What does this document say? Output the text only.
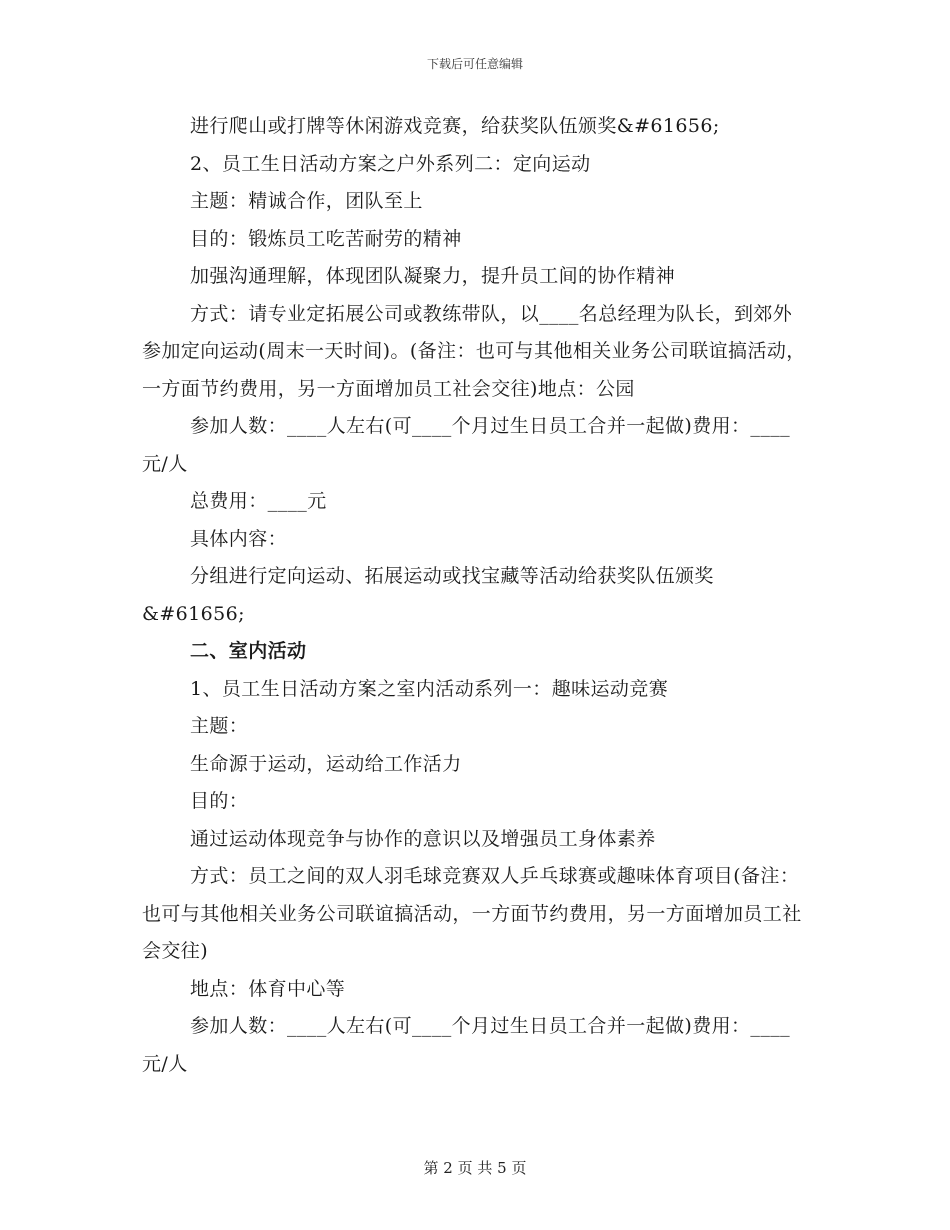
下载后可任意编辑

进行爬山或打牌等休闲游戏竞赛，给获奖队伍颁奖&#61656;

2、员工生日活动方案之户外系列二：定向运动

主题：精诚合作，团队至上

目的：锻炼员工吃苦耐劳的精神

加强沟通理解，体现团队凝聚力，提升员工间的协作精神

方式：请专业定拓展公司或教练带队，以____名总经理为队长，到郊外参加定向运动(周末一天时间)。(备注：也可与其他相关业务公司联谊搞活动，一方面节约费用，另一方面增加员工社会交往)地点：公园

参加人数：____人左右(可____个月过生日员工合并一起做)费用：____元/人

总费用：____元

具体内容：

分组进行定向运动、拓展运动或找宝藏等活动给获奖队伍颁奖&#61656;

二、室内活动

1、员工生日活动方案之室内活动系列一：趣味运动竞赛

主题：

生命源于运动，运动给工作活力

目的：

通过运动体现竞争与协作的意识以及增强员工身体素养

方式：员工之间的双人羽毛球竞赛双人乒乓球赛或趣味体育项目(备注：也可与其他相关业务公司联谊搞活动，一方面节约费用，另一方面增加员工社会交往)

地点：体育中心等

参加人数：____人左右(可____个月过生日员工合并一起做)费用：____元/人

第 2 页 共 5 页
